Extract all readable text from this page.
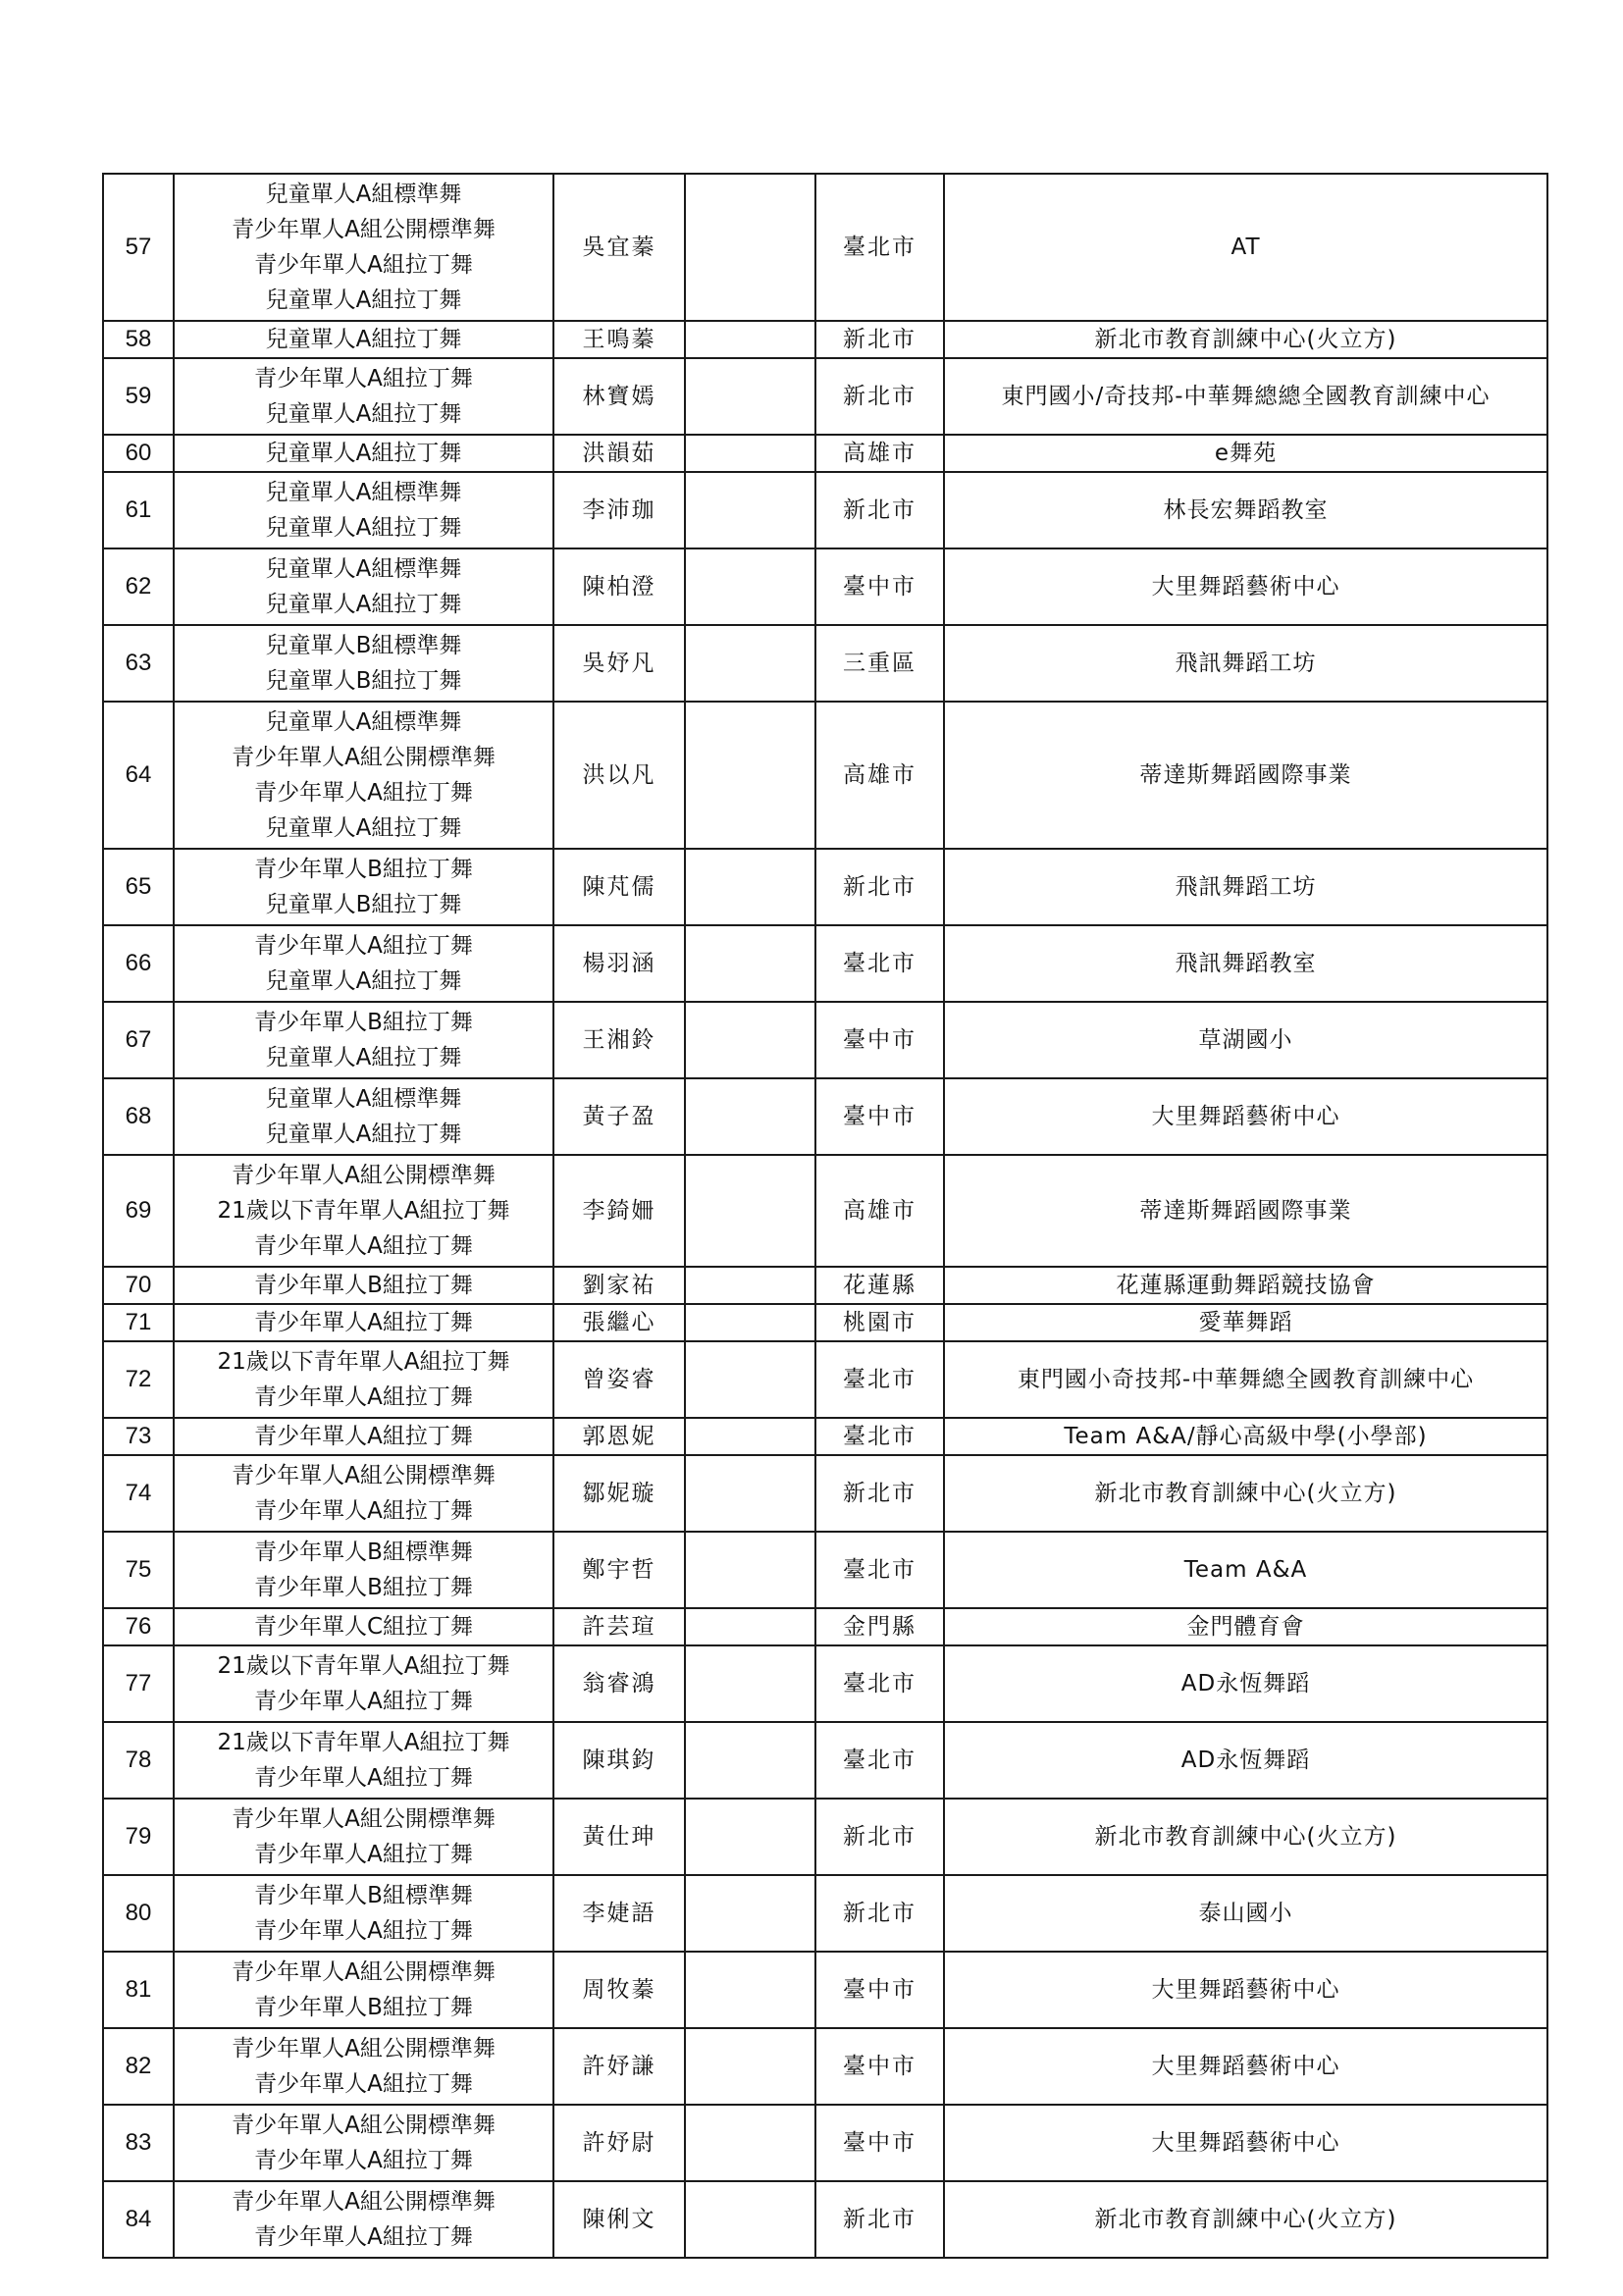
57	兒童單人A組標準舞
青少年單人A組公開標準舞
青少年單人A組拉丁舞
兒童單人A組拉丁舞	吳宜蓁		臺北市	AT
58	兒童單人A組拉丁舞	王鳴蓁		新北市	新北市教育訓練中心(火立方)
59	青少年單人A組拉丁舞
兒童單人A組拉丁舞	林寶嫣		新北市	東門國小/奇技邦-中華舞總總全國教育訓練中心
60	兒童單人A組拉丁舞	洪韻茹		高雄市	e舞苑
61	兒童單人A組標準舞
兒童單人A組拉丁舞	李沛珈		新北市	林長宏舞蹈教室
62	兒童單人A組標準舞
兒童單人A組拉丁舞	陳柏澄		臺中市	大里舞蹈藝術中心
63	兒童單人B組標準舞
兒童單人B組拉丁舞	吳妤凡		三重區	飛訊舞蹈工坊
64	兒童單人A組標準舞
青少年單人A組公開標準舞
青少年單人A組拉丁舞
兒童單人A組拉丁舞	洪以凡		高雄市	蒂達斯舞蹈國際事業
65	青少年單人B組拉丁舞
兒童單人B組拉丁舞	陳芃儒		新北市	飛訊舞蹈工坊
66	青少年單人A組拉丁舞
兒童單人A組拉丁舞	楊羽涵		臺北市	飛訊舞蹈教室
67	青少年單人B組拉丁舞
兒童單人A組拉丁舞	王湘鈴		臺中市	草湖國小
68	兒童單人A組標準舞
兒童單人A組拉丁舞	黃子盈		臺中市	大里舞蹈藝術中心
69	青少年單人A組公開標準舞
21歲以下青年單人A組拉丁舞
青少年單人A組拉丁舞	李錡姍		高雄市	蒂達斯舞蹈國際事業
70	青少年單人B組拉丁舞	劉家祐		花蓮縣	花蓮縣運動舞蹈競技協會
71	青少年單人A組拉丁舞	張繼心		桃園市	愛華舞蹈
72	21歲以下青年單人A組拉丁舞
青少年單人A組拉丁舞	曾姿睿		臺北市	東門國小奇技邦-中華舞總全國教育訓練中心
73	青少年單人A組拉丁舞	郭恩妮		臺北市	Team A&A/靜心高級中學(小學部)
74	青少年單人A組公開標準舞
青少年單人A組拉丁舞	鄒妮璇		新北市	新北市教育訓練中心(火立方)
75	青少年單人B組標準舞
青少年單人B組拉丁舞	鄭宇哲		臺北市	Team A&A
76	青少年單人C組拉丁舞	許芸瑄		金門縣	金門體育會
77	21歲以下青年單人A組拉丁舞
青少年單人A組拉丁舞	翁睿鴻		臺北市	AD永恆舞蹈
78	21歲以下青年單人A組拉丁舞
青少年單人A組拉丁舞	陳琪鈞		臺北市	AD永恆舞蹈
79	青少年單人A組公開標準舞
青少年單人A組拉丁舞	黃仕珅		新北市	新北市教育訓練中心(火立方)
80	青少年單人B組標準舞
青少年單人A組拉丁舞	李婕語		新北市	泰山國小
81	青少年單人A組公開標準舞
青少年單人B組拉丁舞	周牧蓁		臺中市	大里舞蹈藝術中心
82	青少年單人A組公開標準舞
青少年單人A組拉丁舞	許妤謙		臺中市	大里舞蹈藝術中心
83	青少年單人A組公開標準舞
青少年單人A組拉丁舞	許妤尉		臺中市	大里舞蹈藝術中心
84	青少年單人A組公開標準舞
青少年單人A組拉丁舞	陳俐文		新北市	新北市教育訓練中心(火立方)
